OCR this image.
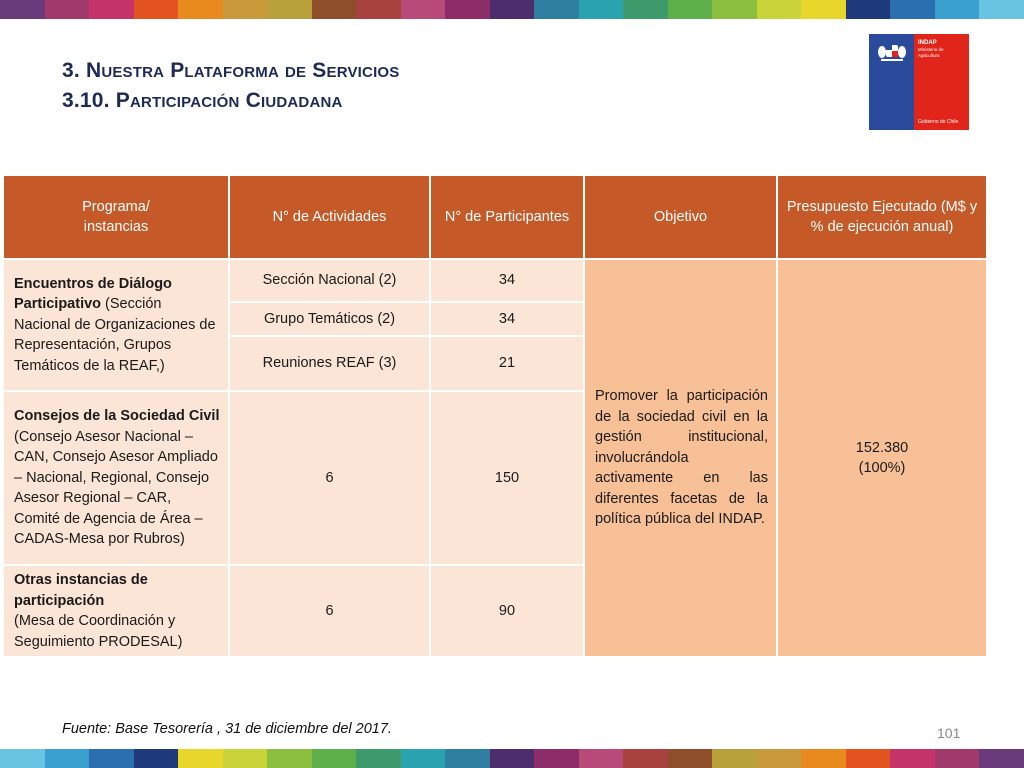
3. Nuestra Plataforma de Servicios
3.10. Participación Ciudadana
INDAP
Ministerio de Agricultura
Gobierno de Chile
Programa/
instancias	N° de Actividades	N° de Participantes	Objetivo	Presupuesto Ejecutado (M$ y % de ejecución anual)
Encuentros de Diálogo Participativo (Sección Nacional de Organizaciones de Representación, Grupos Temáticos de la REAF,)	Sección Nacional (2)	34	Promover la participación de la sociedad civil en la gestión institucional, involucrándola activamente en las diferentes facetas de la política pública del INDAP.	152.380
(100%)

	Grupo Temáticos (2)	34		
	Reuniones REAF (3)	21		
Consejos de la Sociedad Civil (Consejo Asesor Nacional – CAN, Consejo Asesor Ampliado – Nacional, Regional, Consejo Asesor Regional – CAR, Comité de Agencia de Área – CADAS-Mesa por Rubros)	6	150		
Otras instancias de participación
(Mesa de Coordinación y Seguimiento PRODESAL)	6	90		
Fuente: Base Tesorería , 31 de diciembre del 2017.	101
